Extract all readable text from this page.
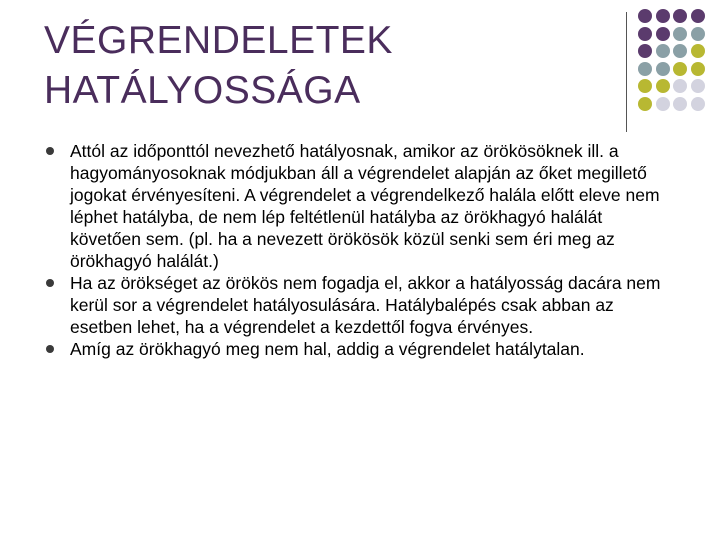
VÉGRENDELETEK
HATÁLYOSSÁGA

Attól az időponttól nevezhető hatályosnak, amikor az örökösöknek ill. a hagyományosoknak módjukban áll a végrendelet alapján az őket megillető jogokat érvényesíteni. A végrendelet a végrendelkező halála előtt eleve nem léphet hatályba, de nem lép feltétlenül hatályba az örökhagyó halálát követően sem. (pl. ha a nevezett örökösök közül senki sem éri meg az örökhagyó halálát.)

Ha az örökséget az örökös nem fogadja el, akkor a hatályosság dacára nem kerül sor a végrendelet hatályosulására. Hatálybalépés csak abban az esetben lehet, ha a végrendelet a kezdettől fogva érvényes.

Amíg az örökhagyó meg nem hal, addig a végrendelet hatálytalan.
